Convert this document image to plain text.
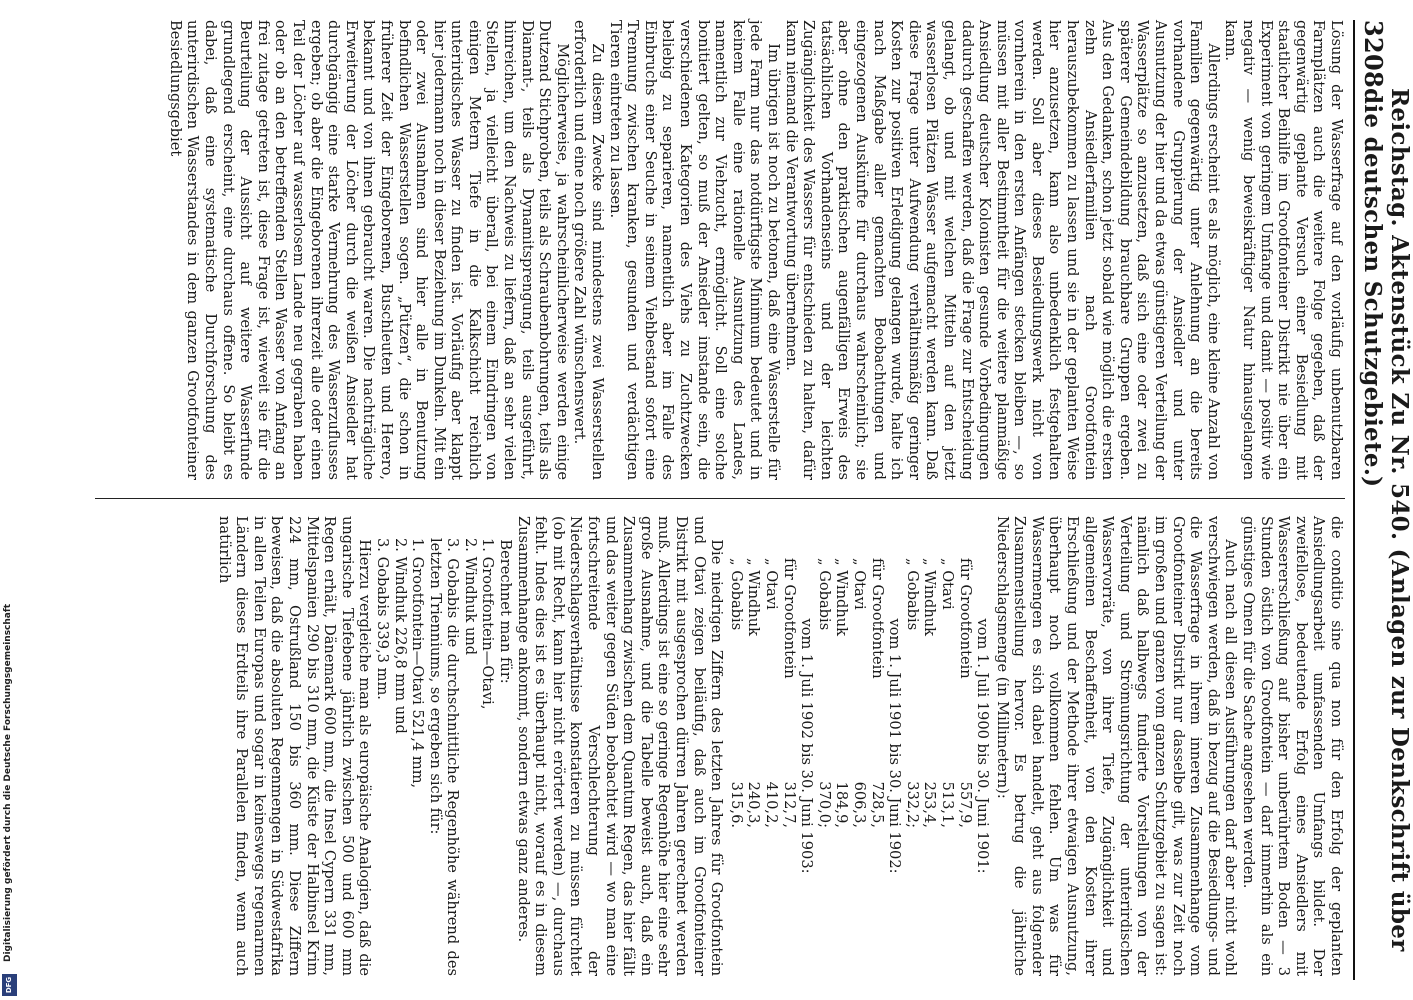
Digitalisierung gefördert durch die Deutsche Forschungsgemeinschaft
DFG
3208
Reichstag. Aktenstück Zu Nr. 540. (Anlagen zur Denkschrift über die deutschen Schutzgebiete.)

Lösung der Wasserfrage auf den vorläufig unbenutzbaren Farmplätzen auch die weitere Folge gegeben, daß der gegenwärtig geplante Versuch einer Besiedlung mit staatlicher Beihilfe im Grootfonteiner Distrikt nie über ein Experiment von geringem Umfange und damit — positiv wie negativ — wenig beweiskräftiger Natur hinausgelangen kann.

Allerdings erscheint es als möglich, eine kleine Anzahl von Familien gegenwärtig unter Anlehnung an die bereits vorhandene Gruppierung der Ansiedler und unter Ausnutzung der hier und da etwas günstigeren Verteilung der Wasserplätze so anzusetzen, daß sich eine oder zwei zu späterer Gemeindebildung brauchbare Gruppen ergeben. Aus den Gedanken, schon jetzt sobald wie möglich die ersten zehn Ansiedlerfamilien nach Grootfontein herauszubekommen zu lassen und sie in der geplanten Weise hier anzusetzen, kann also unbedenklich festgehalten werden. Soll aber dieses Besiedlungswerk nicht von vornherein in den ersten Anfängen stecken bleiben —, so müssen mit aller Bestimmtheit für die weitere planmäßige Ansiedlung deutscher Kolonisten gesunde Vorbedingungen dadurch geschaffen werden, daß die Frage zur Entscheidung gelangt, ob und mit welchen Mitteln auf den jetzt wasserlosen Plätzen Wasser aufgemacht werden kann. Daß diese Frage unter Aufwendung verhältnismäßig geringer Kosten zur positiven Erledigung gelangen wurde, halte ich nach Maßgabe aller gemachten Beobachtungen und eingezogenen Auskünfte für durchaus wahrscheinlich; sie aber ohne den praktischen augenfälligen Erweis des tatsächlichen Vorhandenseins und der leichten Zugänglichkeit des Wassers für entschieden zu halten, dafür kann niemand die Verantwortung übernehmen.

Im übrigen ist noch zu betonen, daß eine Wasserstelle für jede Farm nur das notdürftigste Minimum bedeutet und in keinem Falle eine rationelle Ausnutzung des Landes, namentlich zur Viehzucht, ermöglicht. Soll eine solche bonitiert gelten, so muß der Ansiedler imstande sein, die verschiedenen Kategorien des Viehs zu Zuchtzwecken beliebig zu separieren, namentlich aber im Falle des Einbruchs einer Seuche in seinem Viehbestand sofort eine Trennung zwischen kranken, gesunden und verdächtigen Tieren eintreten zu lassen.

Zu diesem Zwecke sind mindestens zwei Wasserstellen erforderlich und eine noch größere Zahl wünschenswert.

Möglicherweise, ja wahrscheinlicherweise werden einige Dutzend Stichproben, teils als Schraubenbohrungen, teils als Diamant-, teils als Dynamitsprengung, teils ausgeführt, hinreichen, um den Nachweis zu liefern, daß an sehr vielen Stellen, ja vielleicht überall, bei einem Eindringen von einigen Metern Tiefe in die Kalkschicht reichlich unterirdisches Wasser zu finden ist. Vorläufig aber klappt hier jedermann noch in dieser Beziehung im Dunkeln. Mit ein oder zwei Ausnahmen sind hier alle in Benutzung befindlichen Wasserstellen sogen. „Pützen“, die schon in früherer Zeit der Eingeborenen, Buschleuten und Herero, bekannt und von ihnen gebraucht waren. Die nachträgliche Erweiterung der Löcher durch die weißen Ansiedler hat durchgängig eine starke Vermehrung des Wasserzuflusses ergeben; ob aber die Eingeborenen ihrerzeit alle oder einen Teil der Löcher auf wasserlosem Lande neu gegraben haben oder ob an den betreffenden Stellen Wasser von Anfang an frei zutage getreten ist, diese Frage ist, wieweit sie für die Beurteilung der Aussicht auf weitere Wasserfunde grundlegend erscheint, eine durchaus offene. So bleibt es dabei, daß eine systematische Durchforschung des unterirdischen Wasserstandes in dem ganzen Grootfonteiner Besiedlungsgebiet

die conditio sine qua non für den Erfolg der geplanten Ansiedlungsarbeit umfassenden Umfangs bildet. Der zweifellose, bedeutende Erfolg eines Ansiedlers mit Wassererschließung auf bisher unberührtem Boden — 3 Stunden östlich von Grootfontein — darf immerhin als ein günstiges Omen für die Sache angesehen werden.

Auch nach all diesen Ausführungen darf aber nicht wohl verschwiegen werden, daß in bezug auf die Besiedlungs- und die Wasserfrage in ihrem inneren Zusammenhange vom Grootfonteiner Distrikt nur dasselbe gilt, was zur Zeit noch im großen und ganzen vom ganzen Schutzgebiet zu sagen ist: nämlich daß halbwegs fundierte Vorstellungen von der Verteilung und Strömungsrichtung der unterirdischen Wasservorräte, von ihrer Tiefe, Zugänglichkeit und allgemeinen Beschaffenheit, von den Kosten ihrer Erschließung und der Methode ihrer etwaigen Ausnutzung, überhaupt noch vollkommen fehlen. Um was für Wassermengen es sich dabei handelt, geht aus folgender Zusammenstellung hervor. Es betrug die jährliche Niederschlagsmenge (in Millimetern):

vom 1. Juli 1900 bis 30. Juni 1901:
für Grootfontein
557,9,
„ Otavi
513,1,
„ Windhuk
253,4,
„ Gobabis
332,2;
vom 1. Juli 1901 bis 30. Juni 1902:
für Grootfontein
728,5,
„ Otavi
606,3,
„ Windhuk
184,9,
„ Gobabis
370,0;
vom 1. Juli 1902 bis 30. Juni 1903:
für Grootfontein
312,7,
„ Otavi
410,2,
„ Windhuk
240,3,
„ Gobabis
315,6.

Die niedrigen Ziffern des letzten Jahres für Grootfontein und Otavi zeigen beiläufig, daß auch im Grootfonteiner Distrikt mit ausgesprochen dürren Jahren gerechnet werden muß. Allerdings ist eine so geringe Regenhöhe hier eine sehr große Ausnahme, und die Tabelle beweist auch, daß ein Zusammenhang zwischen dem Quantum Regen, das hier fällt und das weiter gegen Süden beobachtet wird — wo man eine fortschreitende Verschlechterung der Niederschlagsverhältnisse konstatieren zu müssen fürchtet (ob mit Recht, kann hier nicht erörtert werden) —, durchaus fehlt. Indes dies ist es überhaupt nicht, worauf es in diesem Zusammenhange ankommt, sondern etwas ganz anderes.

Berechnet man für:

1. Grootfontein—Otavi,
2. Windhuk und
3. Gobabis die durchschnittliche Regenhöhe während des letzten Trienniums, so ergeben sich für:
1. Grootfontein—Otavi 521,4 mm,
2. Windhuk 226,8 mm und
3. Gobabis 339,3 mm.

Hierzu vergleiche man als europäische Analogien, daß die ungarische Tiefebene jährlich zwischen 500 und 600 mm Regen erhält, Dänemark 600 mm, die Insel Cypern 331 mm, Mittelspanien 290 bis 310 mm, die Küste der Halbinsel Krim 224 mm, Ostrußland 150 bis 360 mm. Diese Ziffern beweisen, daß die absoluten Regenmengen in Südwestafrika in allen Teilen Europas und sogar in keineswegs regenarmen Ländern dieses Erdteils ihre Parallelen finden, wenn auch natürlich
